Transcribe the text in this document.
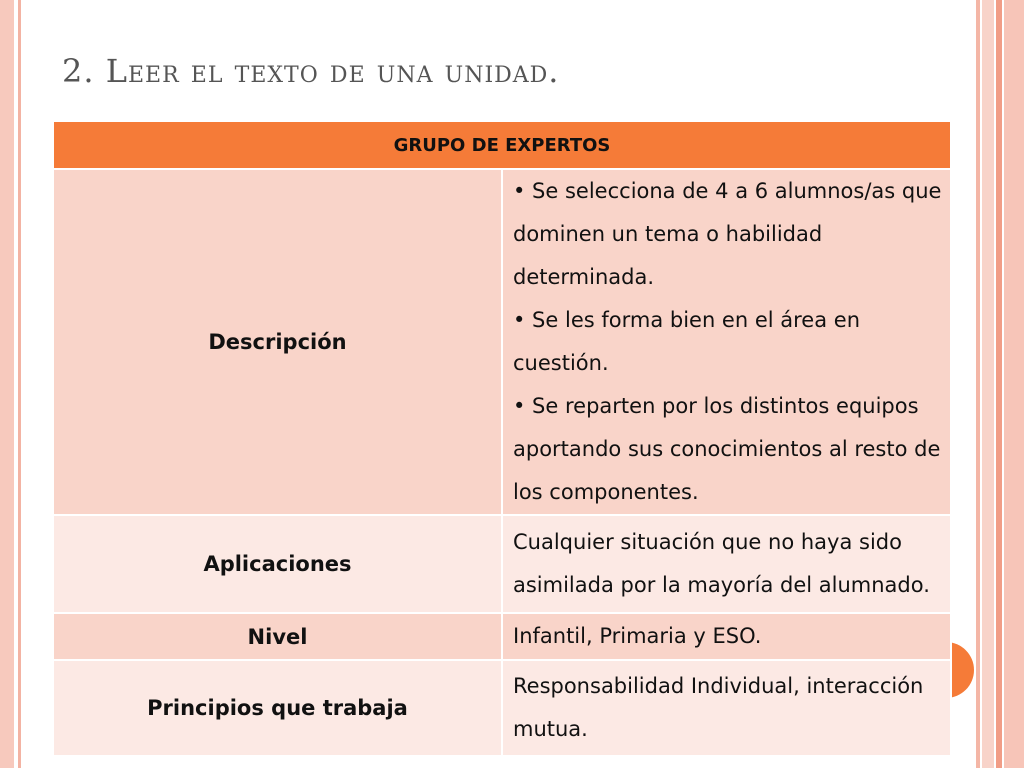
2. Leer el texto de una unidad.
GRUPO DE EXPERTOS	
Descripción	• Se selecciona de 4 a 6 alumnos/as que dominen un tema o habilidad determinada.
• Se les forma bien en el área en cuestión.
• Se reparten por los distintos equipos aportando sus conocimientos al resto de los componentes.

Aplicaciones	Cualquier situación que no haya sido asimilada por la mayoría del alumnado.
Nivel	Infantil, Primaria y ESO.
Principios que trabaja	Responsabilidad Individual, interacción mutua.
